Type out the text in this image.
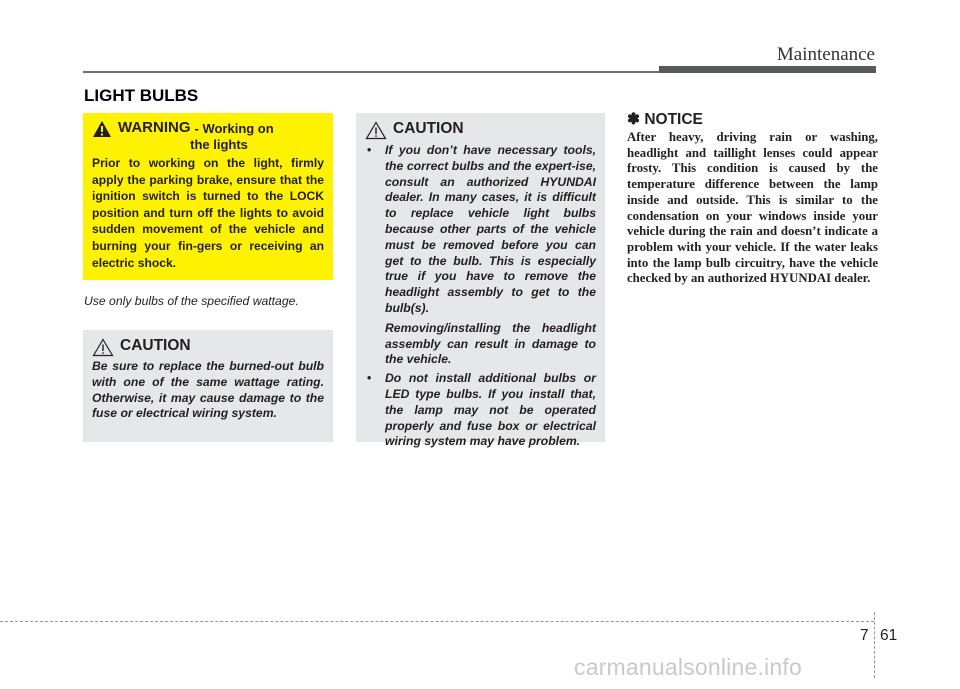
Maintenance
LIGHT BULBS
WARNING - Working on
the lights
Prior to working on the light, firmly apply the parking brake, ensure that the ignition switch is turned to the LOCK position and turn off the lights to avoid sudden movement of the vehicle and burning your fin-gers or receiving an electric shock.
Use only bulbs of the specified wattage.
CAUTION
Be sure to replace the burned-out bulb with one of the same wattage rating. Otherwise, it may cause damage to the fuse or electrical wiring system.
CAUTION
• If you don’t have necessary tools, the correct bulbs and the expert-ise, consult an authorized HYUNDAI dealer. In many cases, it is difficult to replace vehicle light bulbs because other parts of the vehicle must be removed before you can get to the bulb. This is especially true if you have to remove the headlight assembly to get to the bulb(s).
Removing/installing the headlight assembly can result in damage to the vehicle.
• Do not install additional bulbs or LED type bulbs. If you install that, the lamp may not be operated properly and fuse box or electrical wiring system may have problem.
✽ NOTICE
After heavy, driving rain or washing, headlight and taillight lenses could appear frosty. This condition is caused by the temperature difference between the lamp inside and outside. This is similar to the condensation on your windows inside your vehicle during the rain and doesn’t indicate a problem with your vehicle. If the water leaks into the lamp bulb circuitry, have the vehicle checked by an authorized HYUNDAI dealer.
7 61
carmanualsonline.info
